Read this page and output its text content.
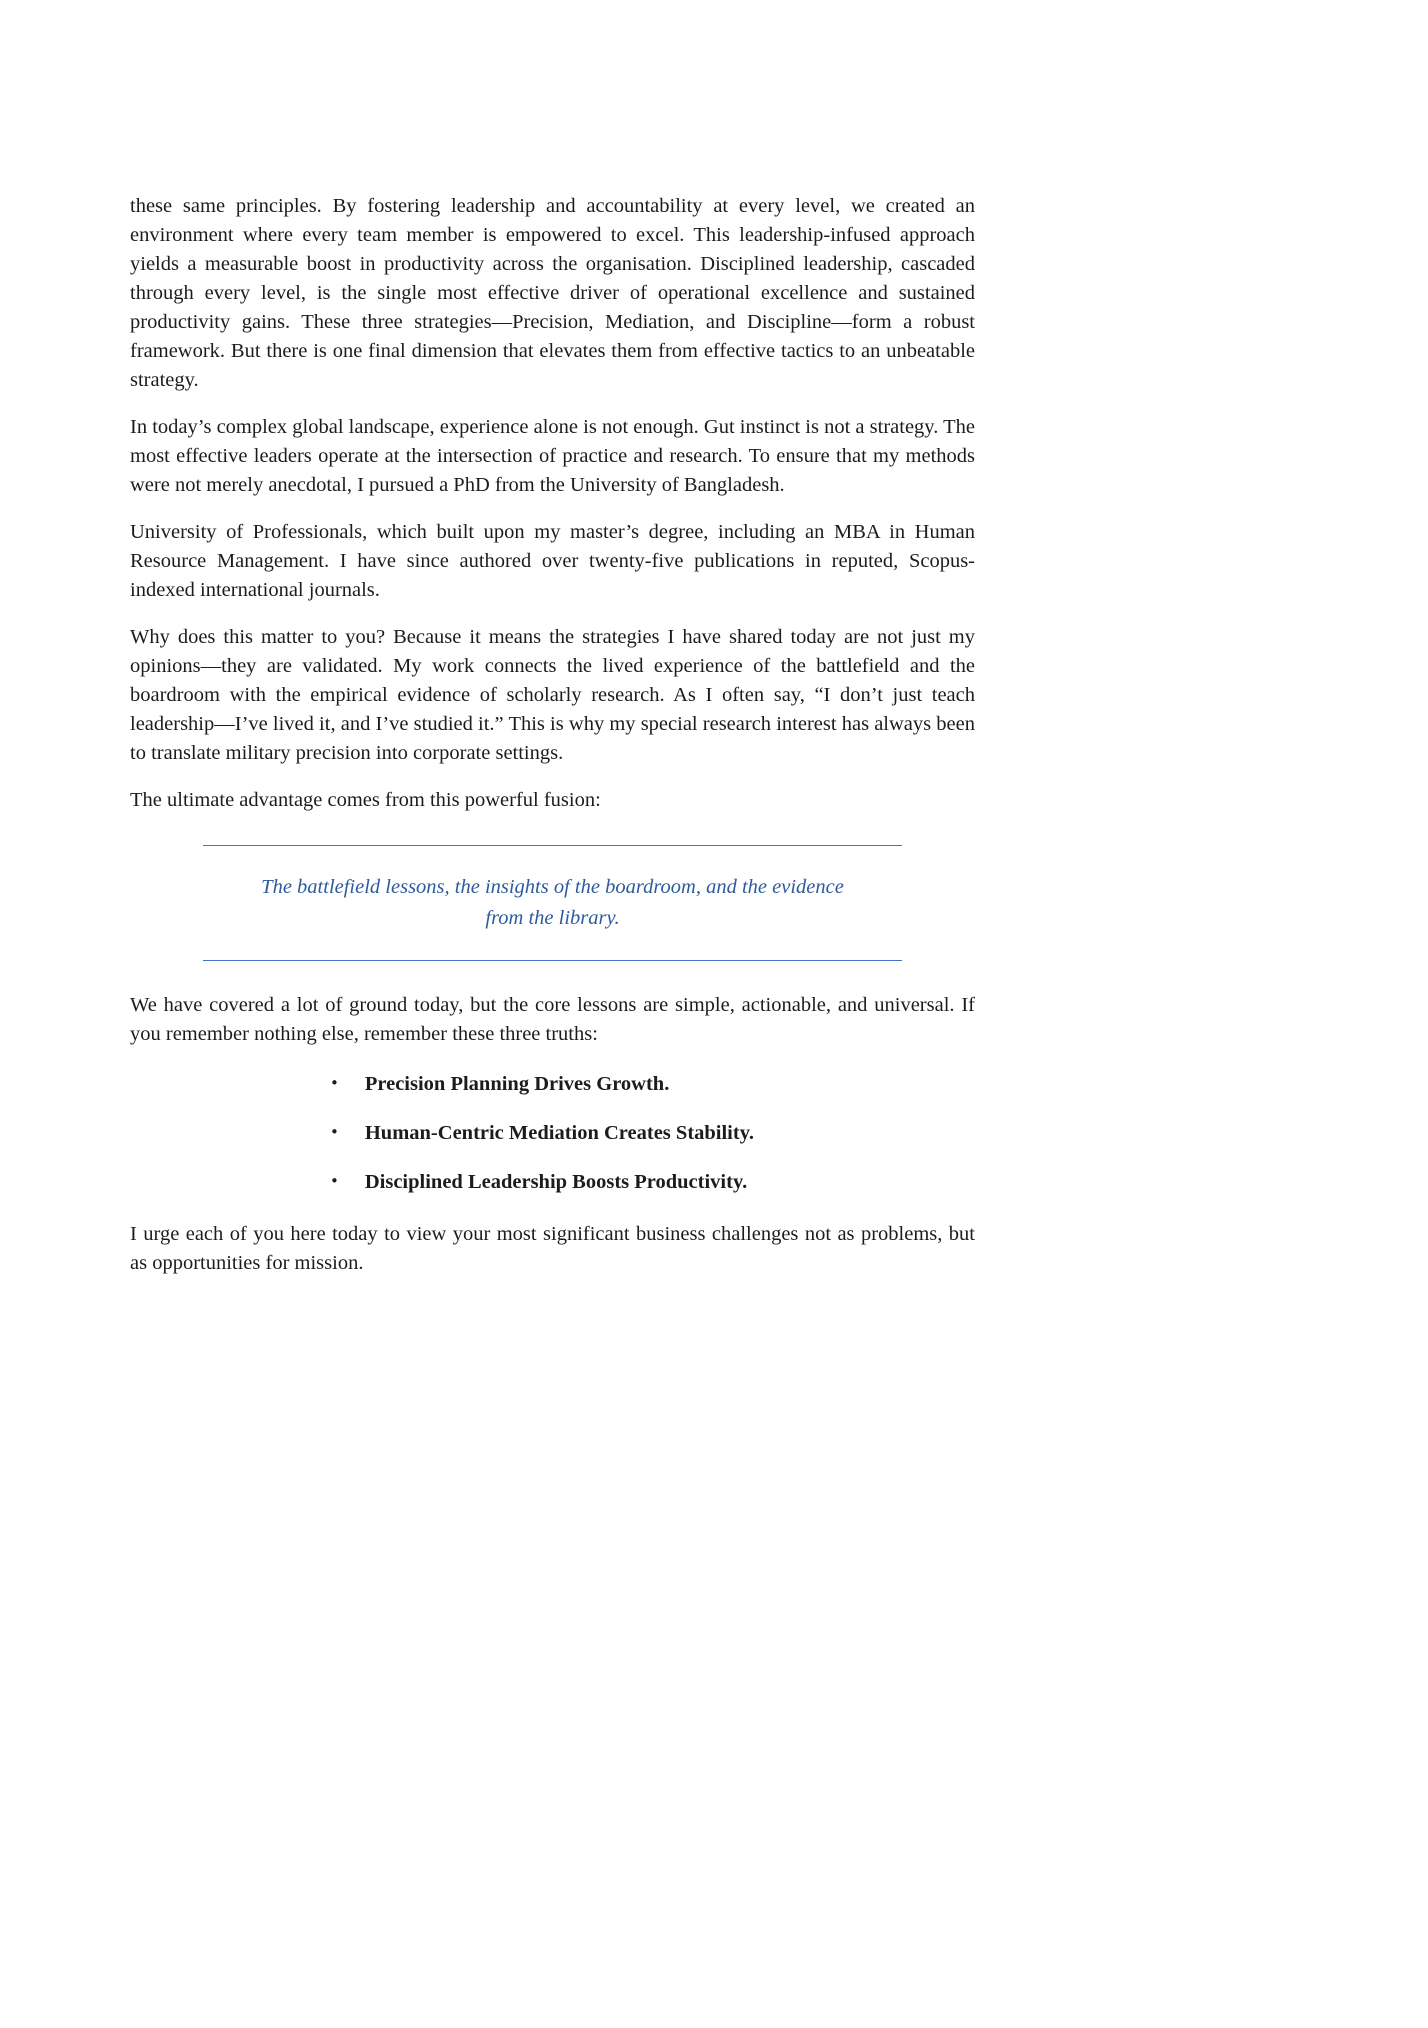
these same principles. By fostering leadership and accountability at every level, we created an environment where every team member is empowered to excel. This leadership-infused approach yields a measurable boost in productivity across the organisation. Disciplined leadership, cascaded through every level, is the single most effective driver of operational excellence and sustained productivity gains. These three strategies—Precision, Mediation, and Discipline—form a robust framework. But there is one final dimension that elevates them from effective tactics to an unbeatable strategy.

In today’s complex global landscape, experience alone is not enough. Gut instinct is not a strategy. The most effective leaders operate at the intersection of practice and research. To ensure that my methods were not merely anecdotal, I pursued a PhD from the University of Bangladesh.

University of Professionals, which built upon my master’s degree, including an MBA in Human Resource Management. I have since authored over twenty-five publications in reputed, Scopus-indexed international journals.

Why does this matter to you? Because it means the strategies I have shared today are not just my opinions—they are validated. My work connects the lived experience of the battlefield and the boardroom with the empirical evidence of scholarly research. As I often say, “I don’t just teach leadership—I’ve lived it, and I’ve studied it.” This is why my special research interest has always been to translate military precision into corporate settings.

The ultimate advantage comes from this powerful fusion:

The battlefield lessons, the insights of the boardroom, and the evidence from the library.

We have covered a lot of ground today, but the core lessons are simple, actionable, and universal. If you remember nothing else, remember these three truths:

• Precision Planning Drives Growth.
• Human-Centric Mediation Creates Stability.
• Disciplined Leadership Boosts Productivity.

I urge each of you here today to view your most significant business challenges not as problems, but as opportunities for mission.
